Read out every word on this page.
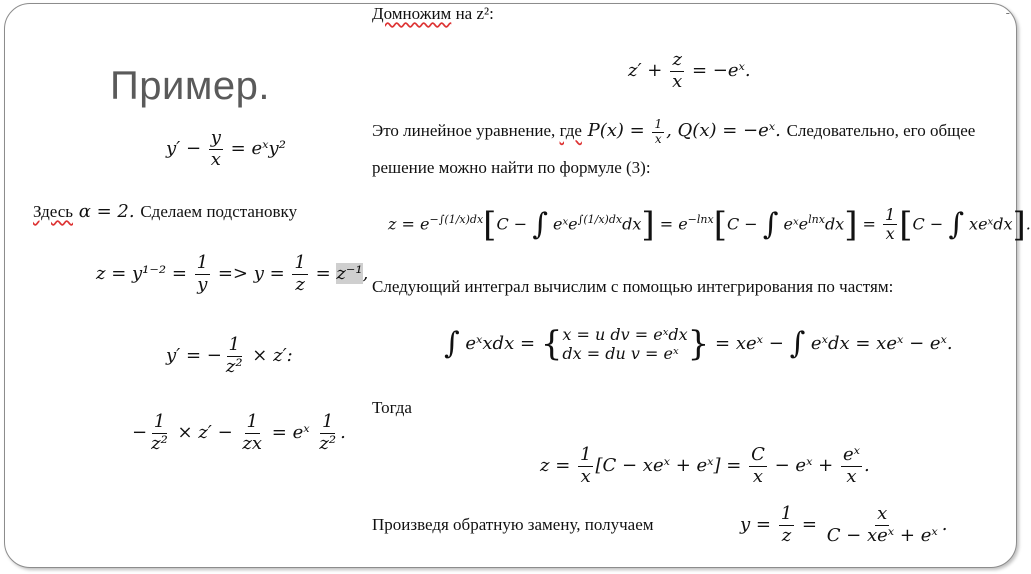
-
Пример.
$y' - \frac{y}{x}$ = eˣy²
Здесь α = 2. Сделаем подстановку
$z = y^{1-2} = \frac{1}{y} => y = \frac{1}{z} = z^{-1}$,
y′ = − $\frac{1}{\text{z²}} \times z'$:
− $\frac{1}{\text{z²}} \times z' - \frac{1}{zx}$ = eˣ $\frac{1}{\text{z²}}$ .
Домножим на z²:
$z' + \frac{z}{x}$ = −eˣ.
Это линейное уравнение, где $P(x) = \frac{1}{x}$ , Q(x) = −eˣ. Следовательно, его общее
решение можно найти по формуле (3):
$z = e^{-\int(1/x)dx}[C$ − ∫ eˣe$^{\int(1/x)dx}$dx] = $e^{-lnx}[C$ − ∫ eˣe$^{lnx}$dx] = $\frac{1}{x} [C$ − ∫ xeˣdx].
Следующий интеграл вычислим с помощью интегрирования по частям:
∫ eˣxdx = { x = u dv = eˣdx
dx = du v = eˣ } = xeˣ − ∫ eˣdx = xeˣ − eˣ.
Тогда
$z = \frac{1}{x} [C$ − xeˣ + eˣ] = $\frac{C}{x}$ − eˣ + $\frac{\text{eˣ}}{x}$ .
Произведя обратную замену, получаем	$y = \frac{1}{z} = \frac{x}{\text{C − xeˣ + eˣ}}$ .
